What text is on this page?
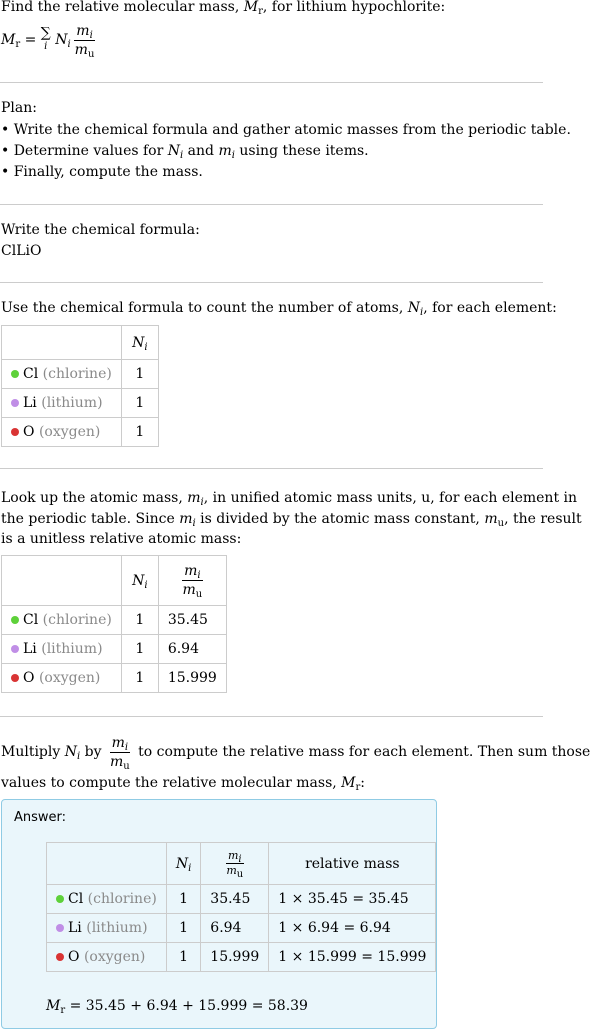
Find the relative molecular mass, $M_r$, for lithium hypochlorite:
$M_r$ = ∑
i $N_i \frac{m_i}{m_u}$
Plan:
• Write the chemical formula and gather atomic masses from the periodic table.
• Determine values for $N_i$ and $m_i$ using these items.
• Finally, compute the mass.
Write the chemical formula:
ClLiO
Use the chemical formula to count the number of atoms, $N_i$, for each element:
	$N_i$
Cl (chlorine)	1
Li (lithium)	1
O (oxygen)	1
Look up the atomic mass, $m_i$, in unified atomic mass units, u, for each element in
the periodic table. Since $m_i$ is divided by the atomic mass constant, $m_u$, the result
is a unitless relative atomic mass:
	$N_i$	$\frac{m_i}{m_u}$

Cl (chlorine)	1	35.45
Li (lithium)	1	6.94
O (oxygen)	1	15.999
Multiply $N_i$ by $\frac{m_i}{m_u}$ to compute the relative mass for each element. Then sum those
values to compute the relative molecular mass, $M_r$:
Answer:
	$N_i$	$\frac{m_i}{m_u}$	relative mass
Cl (chlorine)	1	35.45	1 × 35.45 = 35.45
Li (lithium)	1	6.94	1 × 6.94 = 6.94
O (oxygen)	1	15.999	1 × 15.999 = 15.999
$M_r = 35.45 + 6.94 + 15.999 = 58.39$
